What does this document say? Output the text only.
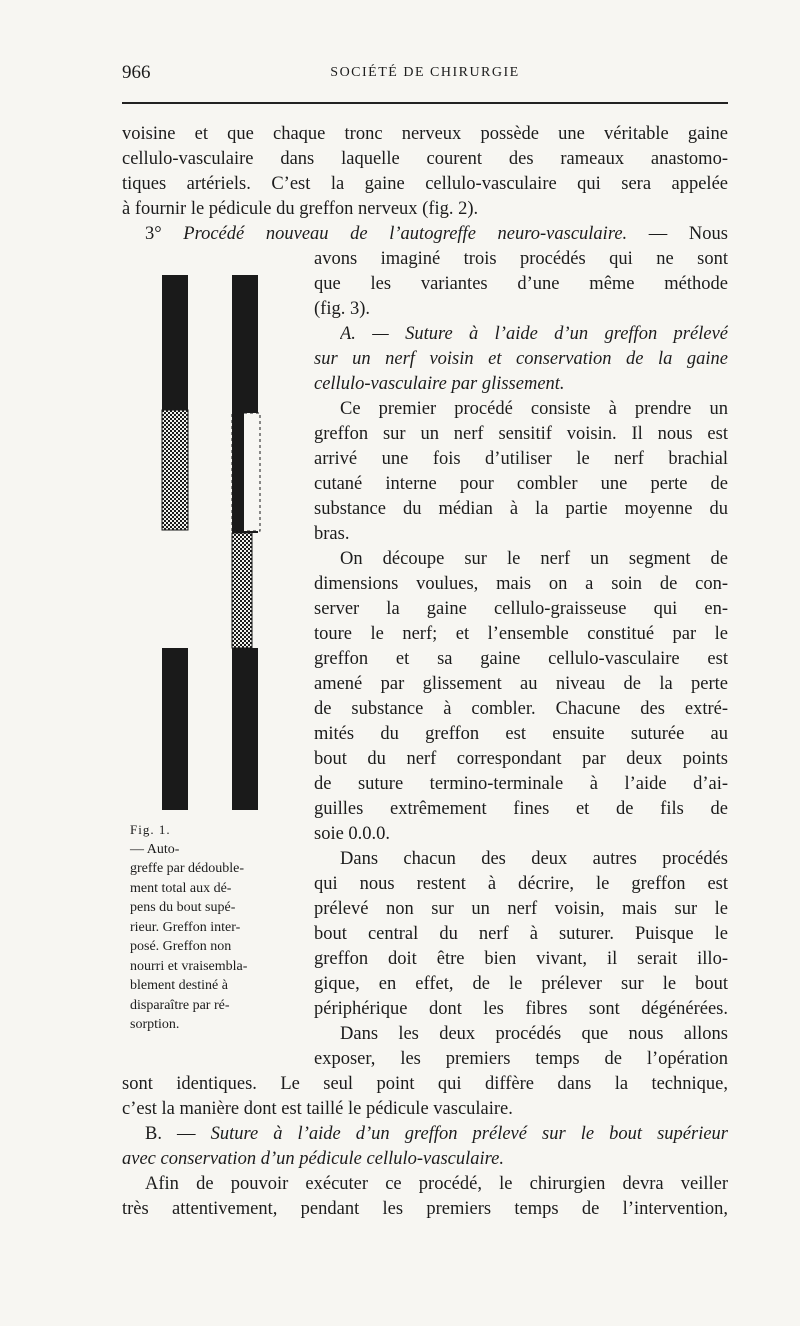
966	SOCIÉTÉ DE CHIRURGIE
voisine et que chaque tronc nerveux possède une véritable gaine
cellulo-vasculaire dans laquelle courent des rameaux anastomo-
tiques artériels. C’est la gaine cellulo-vasculaire qui sera appelée
à fournir le pédicule du greffon nerveux (fig. 2).
3° Procédé nouveau de l’autogreffe neuro-vasculaire. — Nous
avons imaginé trois procédés qui ne sont
que les variantes d’une même méthode
(fig. 3).
A. — Suture à l’aide d’un greffon prélevé
sur un nerf voisin et conservation de la gaine
cellulo-vasculaire par glissement.
Ce premier procédé consiste à prendre un
greffon sur un nerf sensitif voisin. Il nous est
arrivé une fois d’utiliser le nerf brachial
cutané interne pour combler une perte de
substance du médian à la partie moyenne du
bras.
On découpe sur le nerf un segment de
dimensions voulues, mais on a soin de con-
server la gaine cellulo-graisseuse qui en-
toure le nerf; et l’ensemble constitué par le
greffon et sa gaine cellulo-vasculaire est
amené par glissement au niveau de la perte
de substance à combler. Chacune des extré-
mités du greffon est ensuite suturée au
bout du nerf correspondant par deux points
de suture termino-terminale à l’aide d’ai-
guilles extrêmement fines et de fils de
soie 0.0.0.
Dans chacun des deux autres procédés
qui nous restent à décrire, le greffon est
prélevé non sur un nerf voisin, mais sur le
bout central du nerf à suturer. Puisque le
greffon doit être bien vivant, il serait illo-
gique, en effet, de le prélever sur le bout
périphérique dont les fibres sont dégénérées.
Dans les deux procédés que nous allons
exposer, les premiers temps de l’opération
sont identiques. Le seul point qui diffère dans la technique,
c’est la manière dont est taillé le pédicule vasculaire.
B. — Suture à l’aide d’un greffon prélevé sur le bout supérieur
avec conservation d’un pédicule cellulo-vasculaire.
Afin de pouvoir exécuter ce procédé, le chirurgien devra veiller
très attentivement, pendant les premiers temps de l’intervention,
Fig. 1.
— Auto-
greffe par dédouble-
ment total aux dé-
pens du bout supé-
rieur. Greffon inter-
posé. Greffon non
nourri et vraisembla-
blement destiné à
disparaître par ré-
sorption.
